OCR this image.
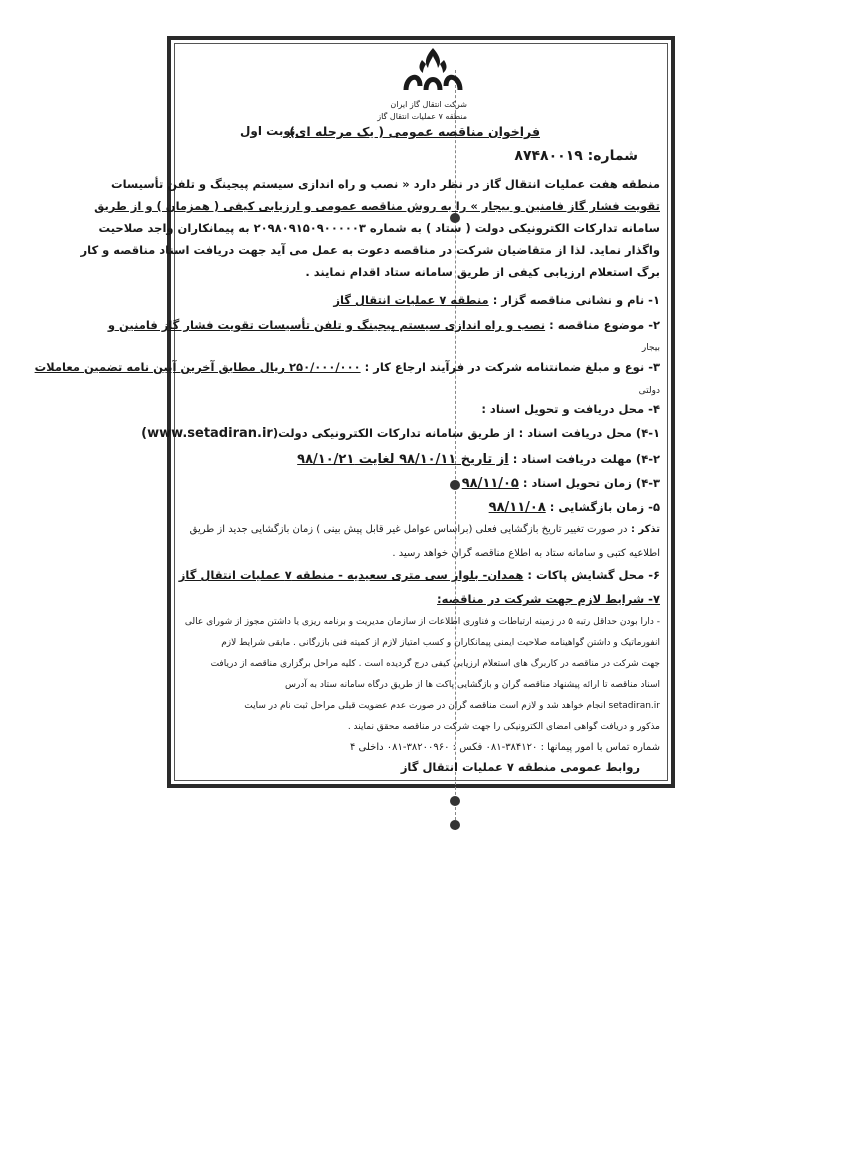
شرکت انتقال گاز ایران
منطقه ۷ عملیات انتقال گاز
فراخوان مناقصه عمومی ( یک مرحله ای)
نوبت اول
شماره: ۸۷۴۸۰۰۱۹
منطقه هفت عملیات انتقال گاز در نظر دارد « نصب و راه اندازی سیستم پیجینگ و تلفن تأسیسات
تقویت فشار گاز فامنین و بیجار » را به روش مناقصه عمومی و ارزیابی کیفی ( همزمان ) و از طریق
سامانه تدارکات الکترونیکی دولت ( ستاد ) به شماره ۲۰۹۸۰۹۱۵۰۹۰۰۰۰۰۳ به پیمانکاران واجد صلاحیت
واگذار نماید. لذا از متقاضیان شرکت در مناقصه دعوت به عمل می آید جهت دریافت اسناد مناقصه و کار
برگ استعلام ارزیابی کیفی از طریق سامانه ستاد اقدام نمایند .
۱- نام و نشانی مناقصه گزار : منطقه ۷ عملیات انتقال گاز
۲- موضوع مناقصه : نصب و راه اندازی سیستم پیجینگ و تلفن تأسیسات تقویت فشار گاز فامنین و
بیجار
۳- نوع و مبلغ ضمانتنامه شرکت در فرآیند ارجاع کار : ۲۵۰/۰۰۰/۰۰۰ ریال مطابق آخرین آیین نامه تضمین معاملات
دولتی
۴- محل دریافت و تحویل اسناد :
۴-۱) محل دریافت اسناد : از طریق سامانه تدارکات الکترونیکی دولت(www.setadiran.ir)
۴-۲) مهلت دریافت اسناد : از تاریخ ۹۸/۱۰/۱۱ لغایت ۹۸/۱۰/۲۱
۴-۳) زمان تحویل اسناد : ۹۸/۱۱/۰۵
۵- زمان بازگشایی : ۹۸/۱۱/۰۸
تذکر : در صورت تغییر تاریخ بازگشایی فعلی (براساس عوامل غیر قابل پیش بینی ) زمان بازگشایی جدید از طریق
اطلاعیه کتبی و سامانه ستاد به اطلاع مناقصه گران خواهد رسید .
۶- محل گشایش پاکات : همدان- بلوار سی متری سعیدیه - منطقه ۷ عملیات انتقال گاز
۷- شرایط لازم جهت شرکت در مناقصه:
- دارا بودن حداقل رتبه ۵ در زمینه ارتباطات و فناوری اطلاعات از سازمان مدیریت و برنامه ریزی یا داشتن مجوز از شورای عالی
انفورماتیک و داشتن گواهینامه صلاحیت ایمنی پیمانکاران و کسب امتیاز لازم از کمیته فنی بازرگانی . مابقی شرایط لازم
جهت شرکت در مناقصه در کاربرگ های استعلام ارزیابی کیفی درج گردیده است . کلیه مراحل برگزاری مناقصه از دریافت
اسناد مناقصه تا ارائه پیشنهاد مناقصه گران و بازگشایی پاکت ها از طریق درگاه سامانه ستاد به آدرس
setadiran.ir انجام خواهد شد و لازم است مناقصه گران در صورت عدم عضویت قبلی مراحل ثبت نام در سایت
مذکور و دریافت گواهی امضای الکترونیکی را جهت شرکت در مناقصه محقق نمایند .
شماره تماس با امور پیمانها : ۳۸۴۱۲۰-۰۸۱ فکس : ۳۸۲۰۰۹۶۰-۰۸۱ داخلی ۴
روابط عمومی منطقه ۷ عملیات انتقال گاز
